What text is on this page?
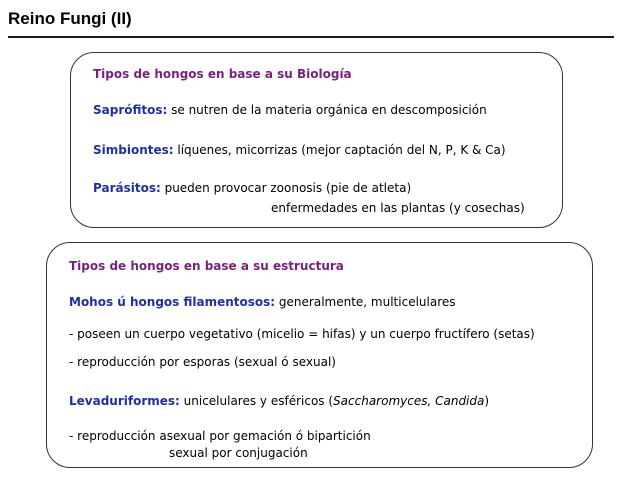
Reino Fungi (II)

Tipos de hongos en base a su Biología

Saprófitos: se nutren de la materia orgánica en descomposición

Simbiontes: líquenes, micorrizas (mejor captación del N, P, K & Ca)

Parásitos: pueden provocar zoonosis (pie de atleta)

enfermedades en las plantas (y cosechas)

Tipos de hongos en base a su estructura

Mohos ú hongos filamentosos: generalmente, multicelulares

- poseen un cuerpo vegetativo (micelio = hifas) y un cuerpo fructífero (setas)

- reproducción por esporas (sexual ó sexual)

Levaduriformes: unicelulares y esféricos (Saccharomyces, Candida)

- reproducción asexual por gemación ó bipartición

sexual por conjugación
